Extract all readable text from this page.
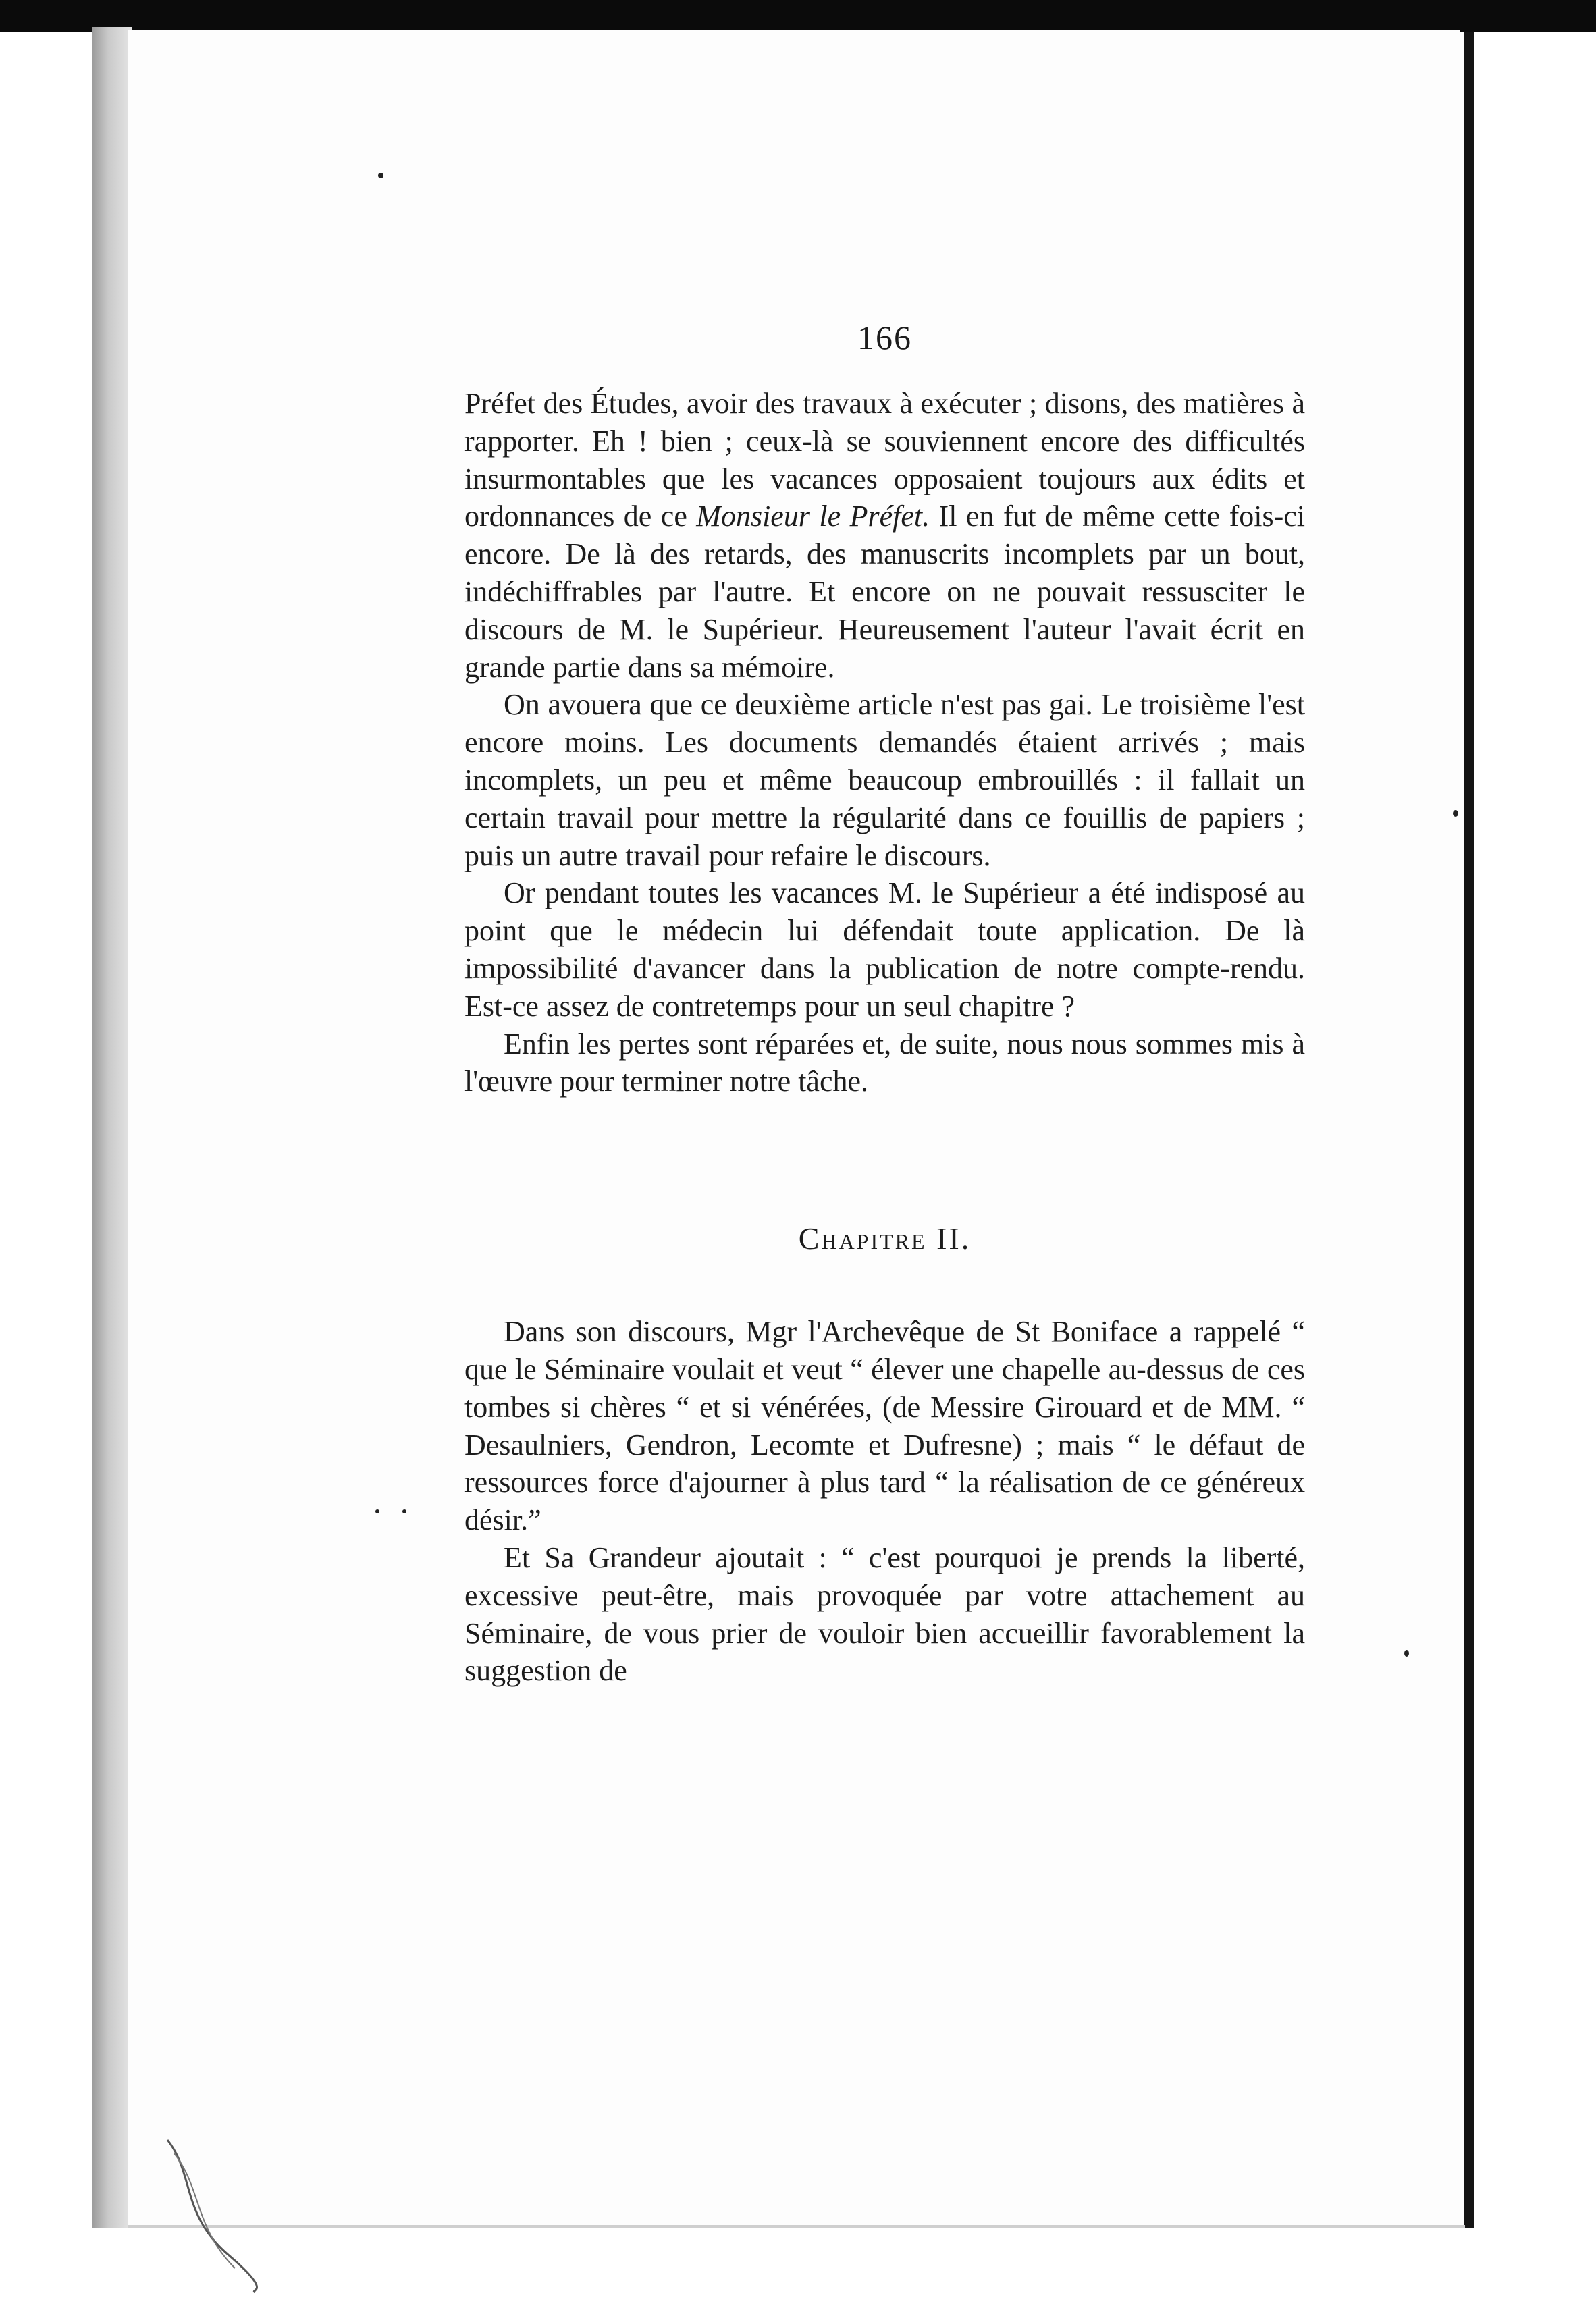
166

Préfet des Études, avoir des travaux à exécuter ; disons, des matières à rapporter. Eh ! bien ; ceux-là se souviennent encore des difficultés insurmontables que les vacances opposaient toujours aux édits et ordonnances de ce Monsieur le Préfet. Il en fut de même cette fois-ci encore. De là des retards, des manuscrits incomplets par un bout, indéchiffrables par l'autre. Et encore on ne pouvait ressusciter le discours de M. le Supérieur. Heureusement l'auteur l'avait écrit en grande partie dans sa mémoire.

On avouera que ce deuxième article n'est pas gai. Le troisième l'est encore moins. Les documents demandés étaient arrivés ; mais incomplets, un peu et même beaucoup embrouillés : il fallait un certain travail pour mettre la régularité dans ce fouillis de papiers ; puis un autre travail pour refaire le discours.

Or pendant toutes les vacances M. le Supérieur a été indisposé au point que le médecin lui défendait toute application. De là impossibilité d'avancer dans la publication de notre compte-rendu. Est-ce assez de contretemps pour un seul chapitre ?

Enfin les pertes sont réparées et, de suite, nous nous sommes mis à l'œuvre pour terminer notre tâche.

Chapitre II.

Dans son discours, Mgr l'Archevêque de St Boniface a rappelé “ que le Séminaire voulait et veut “ élever une chapelle au-dessus de ces tombes si chères “ et si vénérées, (de Messire Girouard et de MM. “ Desaulniers, Gendron, Lecomte et Dufresne) ; mais “ le défaut de ressources force d'ajourner à plus tard “ la réalisation de ce généreux désir.”

Et Sa Grandeur ajoutait : “ c'est pourquoi je prends la liberté, excessive peut-être, mais provoquée par votre attachement au Séminaire, de vous prier de vouloir bien accueillir favorablement la suggestion de
